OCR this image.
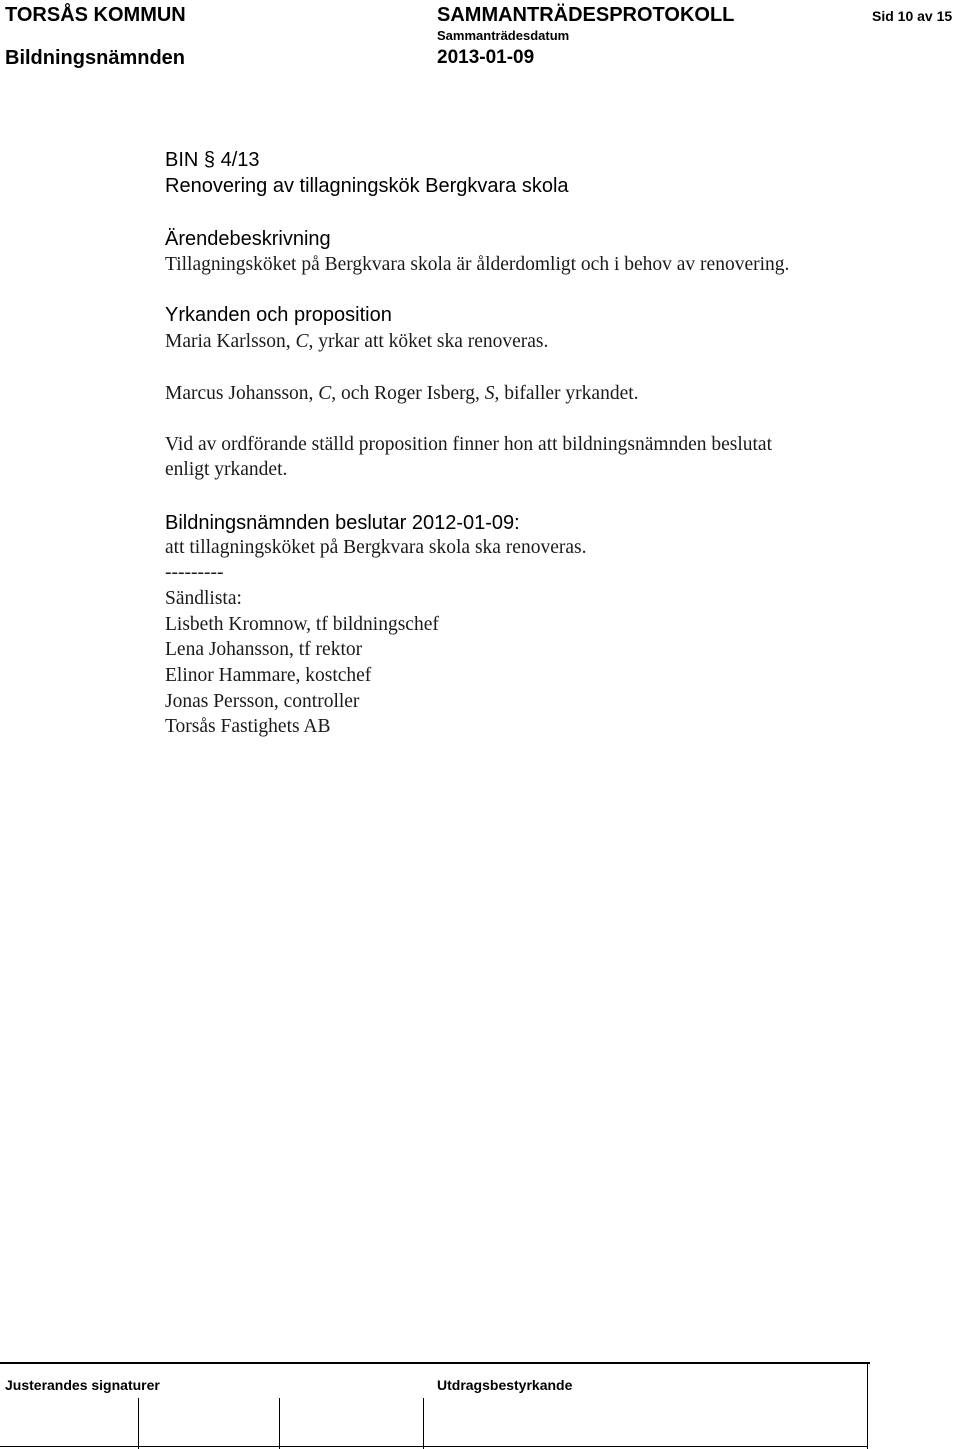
TORSÅS KOMMUN	SAMMANTRÄDESPROTOKOLL	Sid 10 av 15
Bildningsnämnden
Sammanträdesdatum
2013-01-09
BIN § 4/13
Renovering av tillagningskök Bergkvara skola
Ärendebeskrivning
Tillagningsköket på Bergkvara skola är ålderdomligt och i behov av renovering.
Yrkanden och proposition
Maria Karlsson, C, yrkar att köket ska renoveras.
Marcus Johansson, C, och Roger Isberg, S, bifaller yrkandet.
Vid av ordförande ställd proposition finner hon att bildningsnämnden beslutat
enligt yrkandet.
Bildningsnämnden beslutar 2012-01-09:
att tillagningsköket på Bergkvara skola ska renoveras.
---------
Sändlista:
Lisbeth Kromnow, tf bildningschef
Lena Johansson, tf rektor
Elinor Hammare, kostchef
Jonas Persson, controller
Torsås Fastighets AB
Justerandes signaturer	Utdragsbestyrkande
